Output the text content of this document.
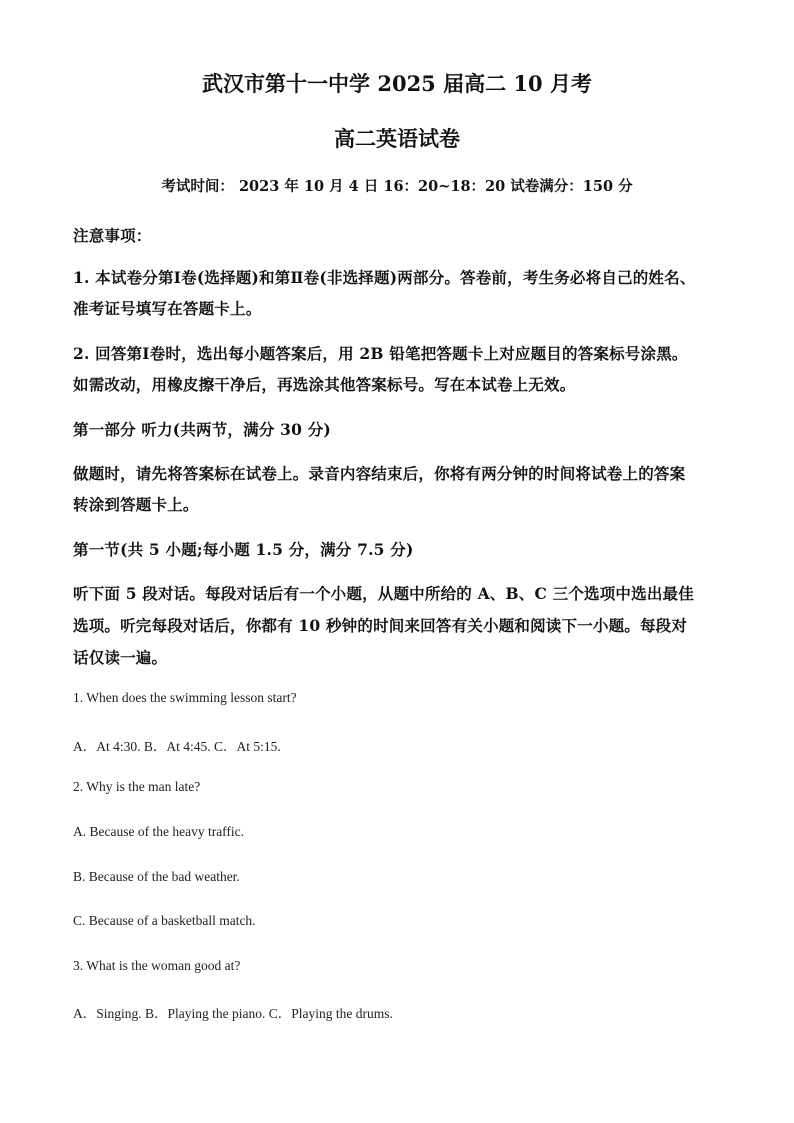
武汉市第十一中学 2025 届高二 10 月考
高二英语试卷
考试时间： 2023 年 10 月 4 日 16：20~18：20 试卷满分：150 分
注意事项：
1. 本试卷分第Ⅰ卷(选择题)和第Ⅱ卷(非选择题)两部分。答卷前，考生务必将自己的姓名、
准考证号填写在答题卡上。
2. 回答第Ⅰ卷时，选出每小题答案后，用 2B 铅笔把答题卡上对应题目的答案标号涂黑。
如需改动，用橡皮擦干净后，再选涂其他答案标号。写在本试卷上无效。
第一部分 听力(共两节，满分 30 分)
做题时，请先将答案标在试卷上。录音内容结束后，你将有两分钟的时间将试卷上的答案
转涂到答题卡上。
第一节(共 5 小题;每小题 1.5 分，满分 7.5 分)
听下面 5 段对话。每段对话后有一个小题，从题中所给的 A、B、C 三个选项中选出最佳
选项。听完每段对话后，你都有 10 秒钟的时间来回答有关小题和阅读下一小题。每段对
话仅读一遍。
1. When does the swimming lesson start?
A．At 4:30. B．At 4:45. C．At 5:15.
2. Why is the man late?
A. Because of the heavy traffic.
B. Because of the bad weather.
C. Because of a basketball match.
3. What is the woman good at?
A．Singing. B．Playing the piano. C．Playing the drums.
